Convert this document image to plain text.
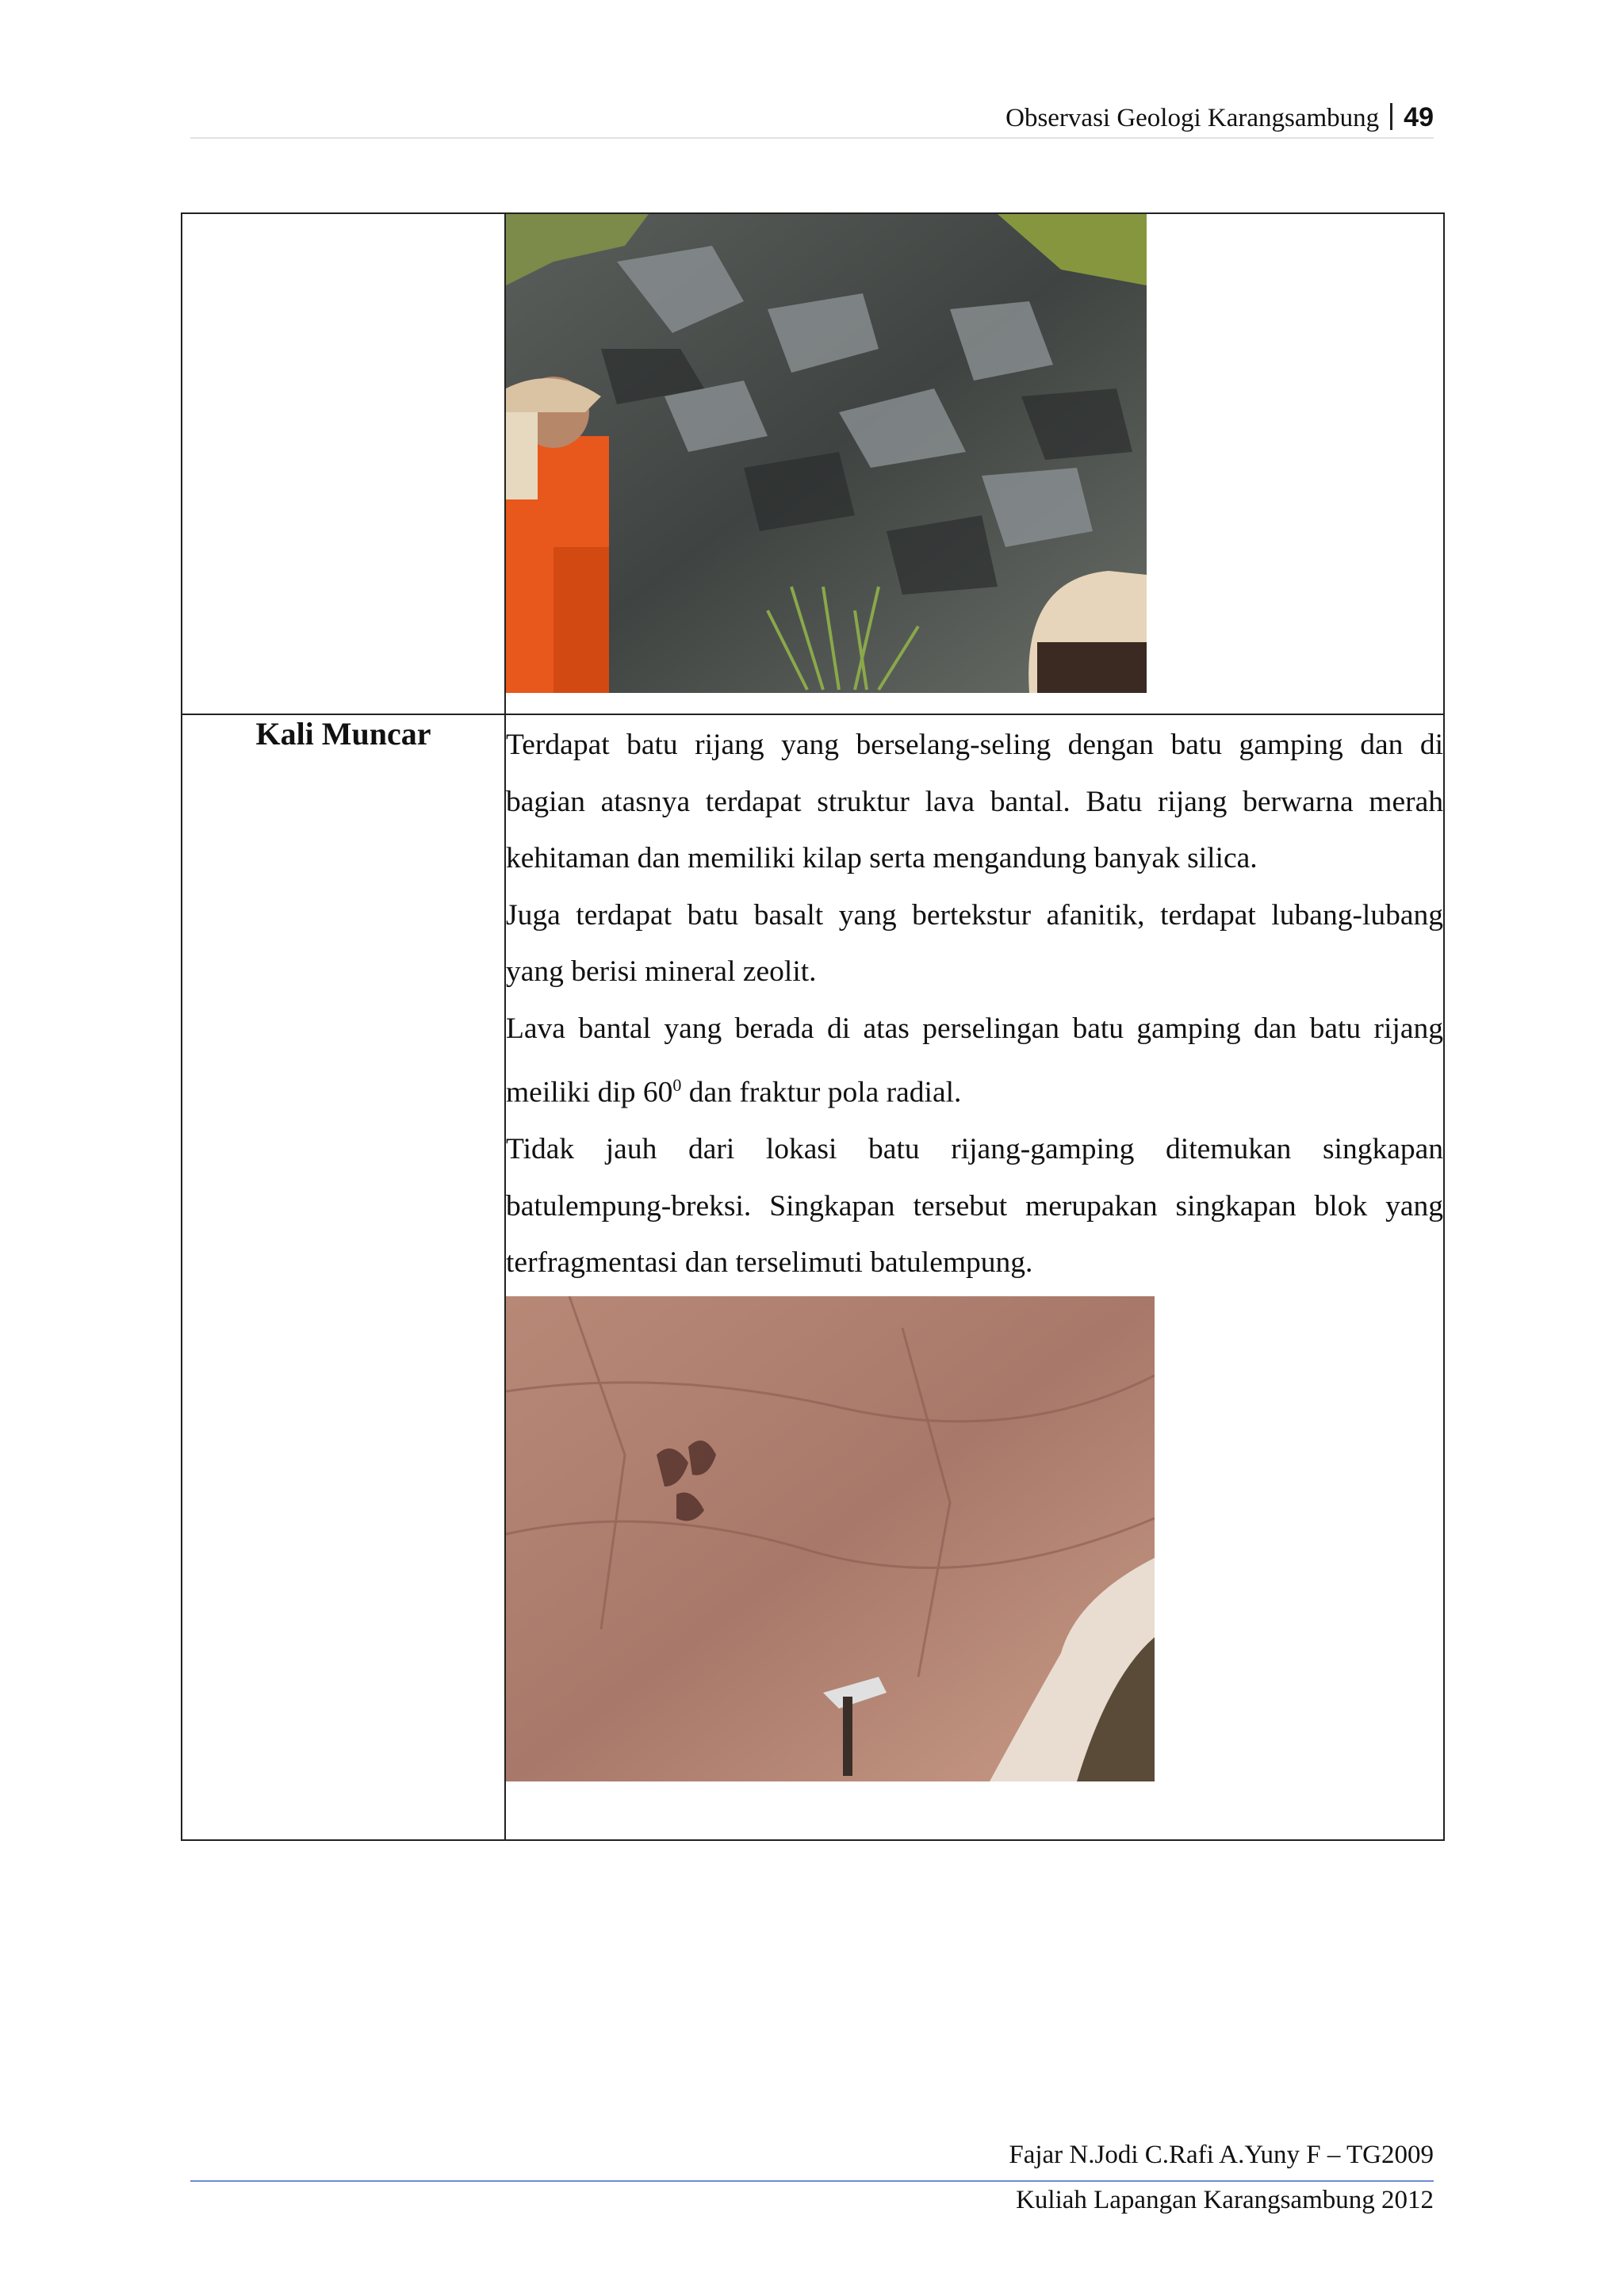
Observasi Geologi Karangsambung 49

Kali Muncar	Terdapat batu rijang yang berselang-seling dengan batu gamping dan di bagian atasnya terdapat struktur lava bantal. Batu rijang berwarna merah kehitaman dan memiliki kilap serta mengandung banyak silica.

Juga terdapat batu basalt yang bertekstur afanitik, terdapat lubang-lubang yang berisi mineral zeolit.

Lava bantal yang berada di atas perselingan batu gamping dan batu rijang meiliki dip $60^0$ dan fraktur pola radial.

Tidak jauh dari lokasi batu rijang-gamping ditemukan singkapan batulempung-breksi. Singkapan tersebut merupakan singkapan blok yang terfragmentasi dan terselimuti batulempung.

Fajar N.Jodi C.Rafi A.Yuny F – TG2009
Kuliah Lapangan Karangsambung 2012
